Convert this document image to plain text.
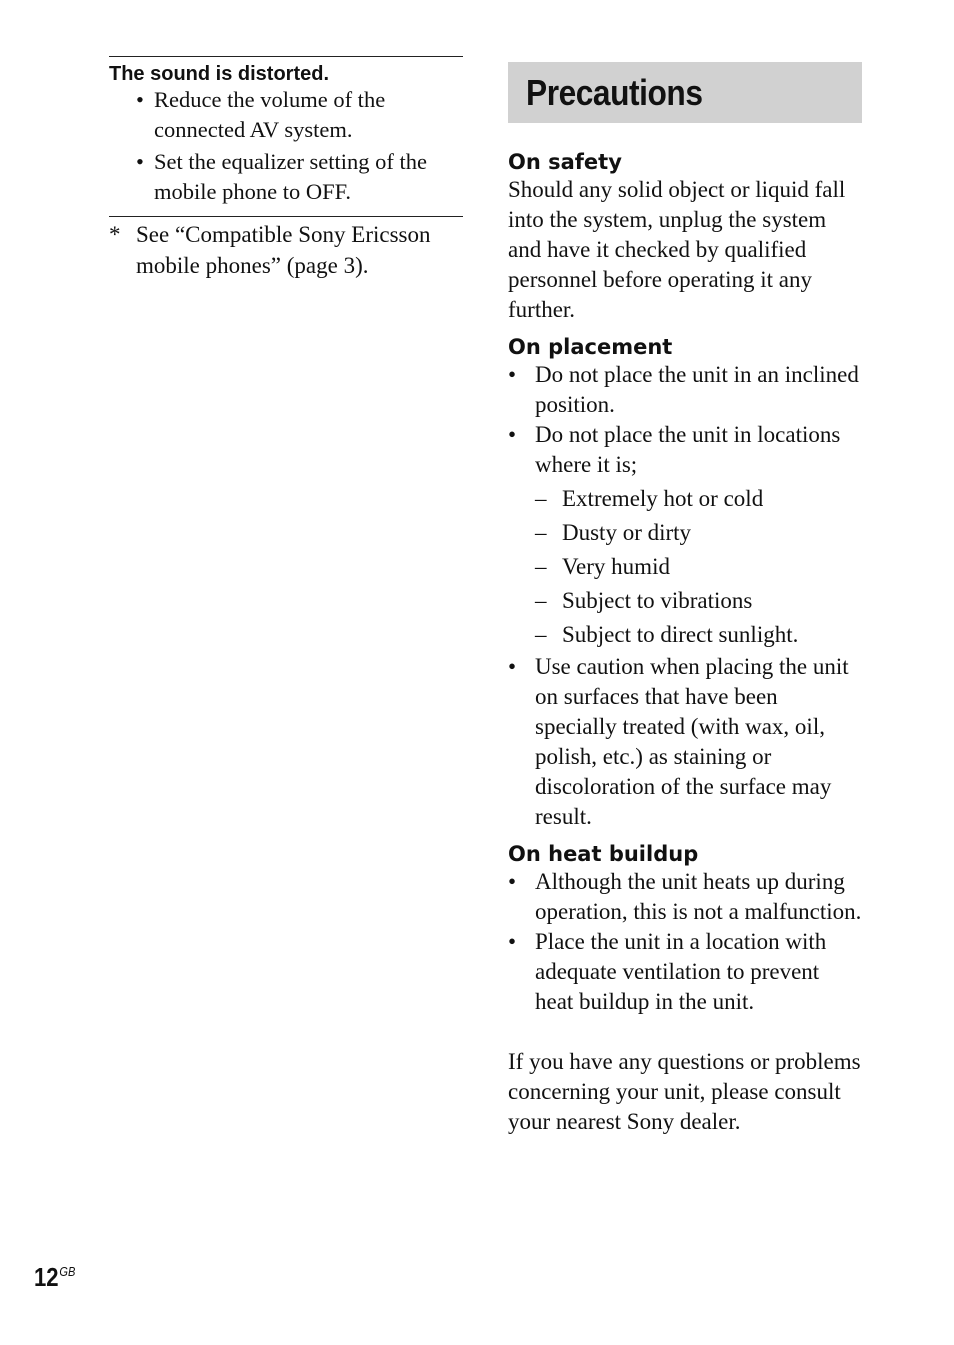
The sound is distorted.
• Reduce the volume of the connected AV system.
• Set the equalizer setting of the mobile phone to OFF.
* See “Compatible Sony Ericsson mobile phones” (page 3).
Precautions
On safety
Should any solid object or liquid fall into the system, unplug the system and have it checked by qualified personnel before operating it any further.
On placement
• Do not place the unit in an inclined position.
• Do not place the unit in locations where it is;
– Extremely hot or cold
– Dusty or dirty
– Very humid
– Subject to vibrations
– Subject to direct sunlight.
• Use caution when placing the unit on surfaces that have been specially treated (with wax, oil, polish, etc.) as staining or discoloration of the surface may result.
On heat buildup
• Although the unit heats up during operation, this is not a malfunction.
• Place the unit in a location with adequate ventilation to prevent heat buildup in the unit.
If you have any questions or problems concerning your unit, please consult your nearest Sony dealer.
$12^{GB}$
